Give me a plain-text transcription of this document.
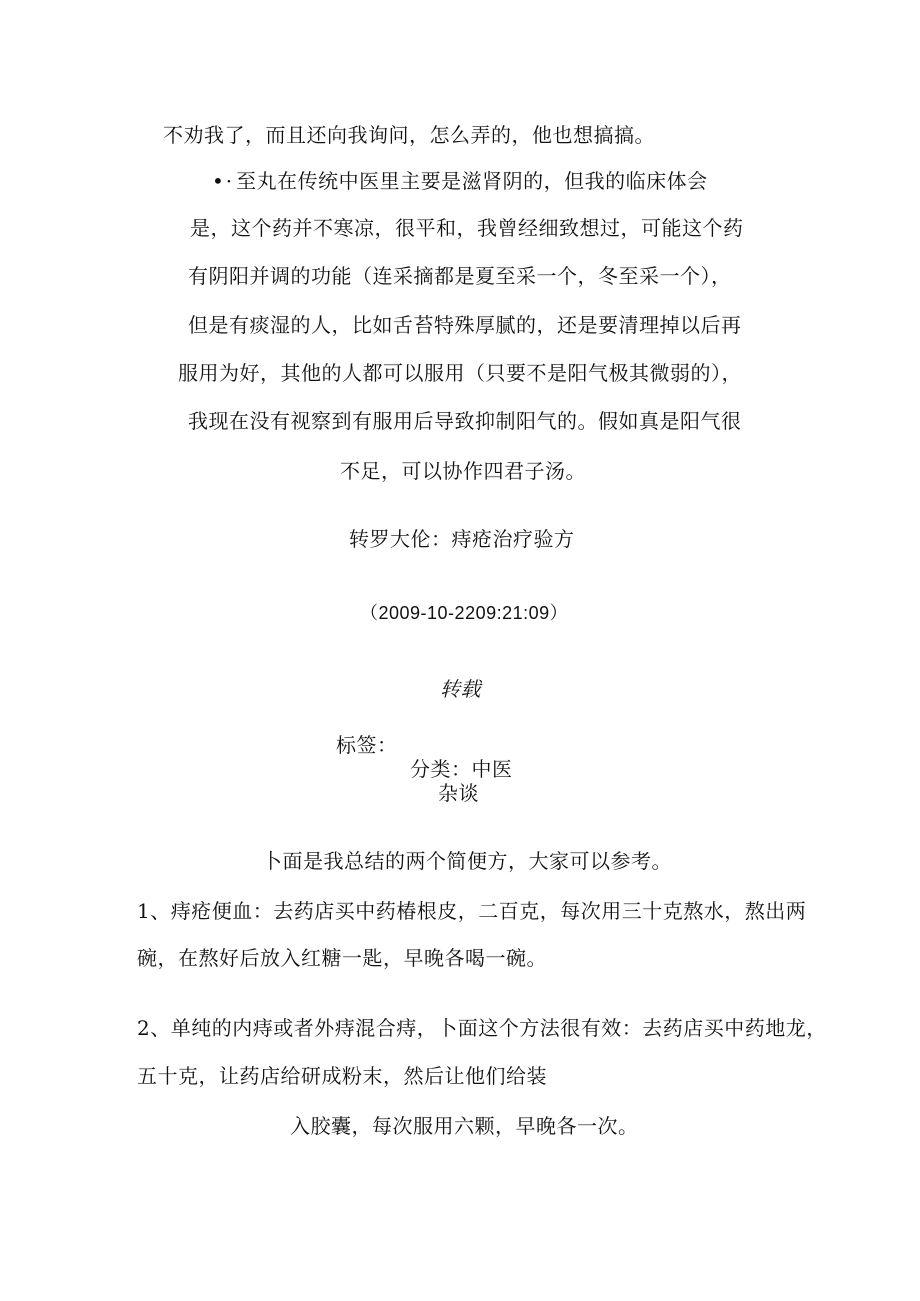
不劝我了，而且还向我询问，怎么弄的，他也想搞搞。
•· 至丸在传统中医里主要是滋肾阴的，但我的临床体会
是，这个药并不寒凉，很平和，我曾经细致想过，可能这个药
有阴阳并调的功能（连采摘都是夏至采一个，冬至采一个），
但是有痰湿的人，比如舌苔特殊厚腻的，还是要清理掉以后再
服用为好，其他的人都可以服用（只要不是阳气极其微弱的），
我现在没有视察到有服用后导致抑制阳气的。假如真是阳气很
不足，可以协作四君子汤。
转罗大伦：痔疮治疗验方
（2009-10-2209:21:09）
转载
标签：
分类：中医
杂谈
卜面是我总结的两个简便方，大家可以参考。
1、痔疮便血：去药店买中药椿根皮，二百克，每次用三十克熬水，熬出两
碗，在熬好后放入红糖一匙，早晚各喝一碗。
2、单纯的内痔或者外痔混合痔，卜面这个方法很有效：去药店买中药地龙，
五十克，让药店给研成粉末，然后让他们给装
入胶囊，每次服用六颗，早晚各一次。
